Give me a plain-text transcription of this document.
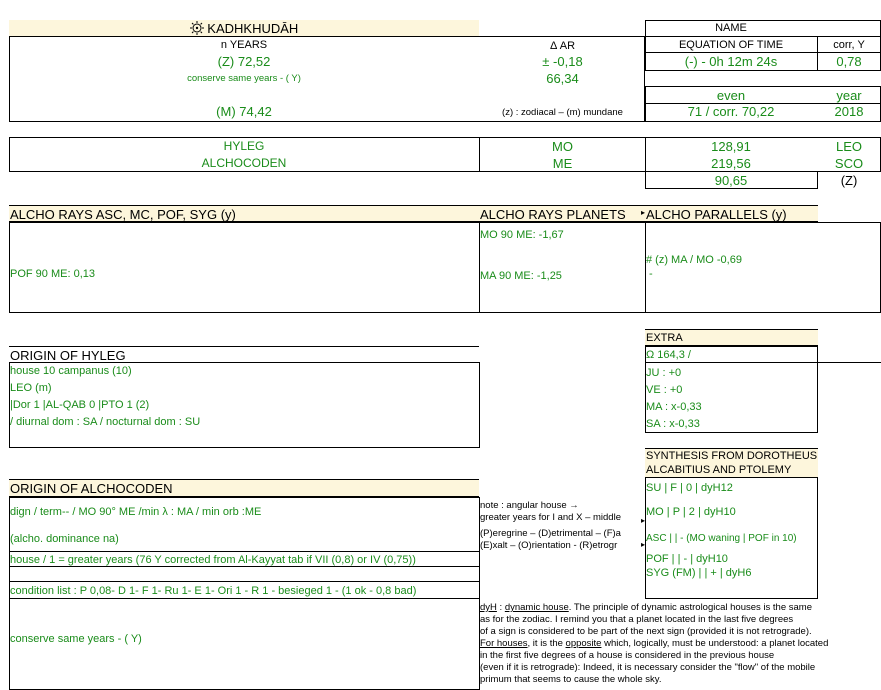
KADHKHUDĀH
n YEARS	Δ AR
(Z) 72,52	± -0,18
conserve same years - ( Y)	66,34
(M) 74,42	(z) : zodiacal – (m) mundane
NAME
EQUATION OF TIME	corr, Y
(-) - 0h 12m 24s	0,78
even	year
71 / corr. 70,22	2018
HYLEG	MO	128,91	LEO
ALCHOCODEN	ME	219,56	SCO
90,65	(Z)
ALCHO RAYS ASC, MC, POF, SYG (y)	ALCHO RAYS PLANETS	▸ ALCHO PARALLELS (y)
POF 90 ME: 0,13
MO 90 ME: -1,67
MA 90 ME: -1,25
# (z) MA / MO -0,69
-
EXTRA
Ω 164,3 /
JU : +0
VE : +0
MA : x-0,33
SA : x-0,33
ORIGIN OF HYLEG
house 10 campanus (10)
LEO (m)
|Dor 1 |AL-QAB 0 |PTO 1 (2)
/ diurnal dom : SA / nocturnal dom : SU
SYNTHESIS FROM DOROTHEUS
ALCABITIUS AND PTOLEMY
SU | F | 0 | dyH12
MO | P | 2 | dyH10
ASC | | - (MO waning | POF in 10)
POF | | - | dyH10
SYG (FM) | | + | dyH6
ORIGIN OF ALCHOCODEN
dign / term-- / MO 90° ME /min λ : MA / min orb :ME
(alcho. dominance na)
house / 1 = greater years (76 Y corrected from Al-Kayyat tab if VII (0,8) or IV (0,75))
condition list : P 0,08- D 1- F 1- Ru 1- E 1- Ori 1 - R 1 - besieged 1 - (1 ok - 0,8 bad)
conserve same years - ( Y)
note : angular house →
greater years for I and X – middle
(P)eregrine – (D)etrimental – (F)a
(E)xalt – (O)rientation - (R)etrogr
▸
▸
dyH : dynamic house. The principle of dynamic astrological houses is the same
as for the zodiac. I remind you that a planet located in the last five degrees
of a sign is considered to be part of the next sign (provided it is not retrograde).
For houses, it is the opposite which, logically, must be understood: a planet located
in the first five degrees of a house is considered in the previous house
(even if it is retrograde): Indeed, it is necessary consider the "flow" of the mobile
primum that seems to cause the whole sky.
